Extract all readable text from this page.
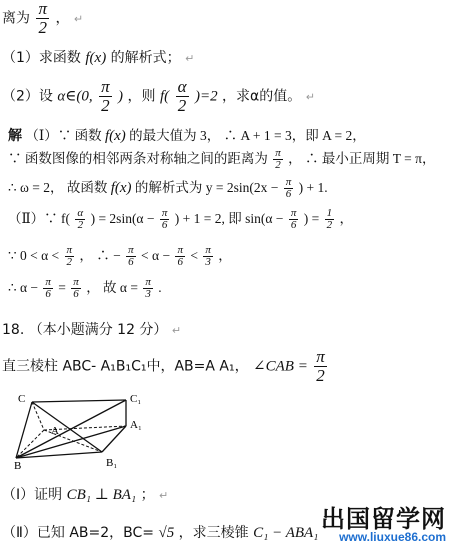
离为 $\frac{\pi}{2}$ ， ↵
（1）求函数 f(x) 的解析式； ↵
（2）设 α∈(0, $\frac{\pi}{2}$ ) ，则 $f( \frac{\alpha}{2} )=2$ ，求α的值。 ↵
解 （Ⅰ）∵ 函数 f(x) 的最大值为 3， ∴ A + 1 = 3，即 A = 2，
∵ 函数图像的相邻两条对称轴之间的距离为 $\frac{\pi}{2}$ ， ∴ 最小正周期 T = π，
∴ ω = 2， 故函数 f(x) 的解析式为 $y = 2\sin(2x - \frac{\pi}{6}$ ) + 1.
（Ⅱ）∵ $f( \frac{\alpha}{2}$ ) = $2\sin(\alpha - \frac{\pi}{6}$ ) + 1 = 2, 即 $\sin(\alpha - \frac{\pi}{6}$ ) = $\frac{1}{2}$ ，
∵ $0 < \alpha < \frac{\pi}{2}$ ， ∴ − $\frac{\pi}{6} < \alpha - \frac{\pi}{6} < \frac{\pi}{3}$ ，
∴ $\alpha - \frac{\pi}{6} = \frac{\pi}{6}$ ， 故 $\alpha = \frac{\pi}{3}$ .
18. （本小题满分 12 分） ↵
直三棱柱 ABC- A₁B₁C₁中，AB=A A₁， ∠CAB = $\frac{\pi}{2}$
C	C₁
A	A₁
B	B₁
（Ⅰ）证明 CB₁ ⊥ BA₁ ； ↵
（Ⅱ）已知 AB=2，BC= √5 ，求三棱锥 C₁ − ABA₁ 出国留学网
www.liuxue86.com
